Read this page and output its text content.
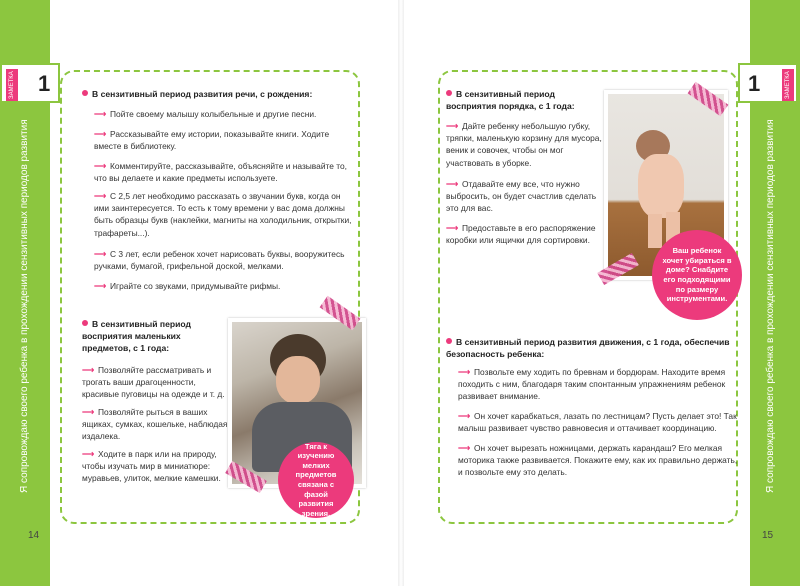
Я сопровождаю своего ребенка в прохождении сензитивных периодов развития
14
ЗАМЕТКА 1	В сензитивный период развития речи, с рождения:
⟶ Пойте своему малышу колыбельные и другие песни.
⟶ Рассказывайте ему истории, показывайте книги. Ходите вместе в библиотеку.
⟶ Комментируйте, рассказывайте, объясняйте и называйте то, что вы делаете и какие предметы используете.
⟶ С 2,5 лет необходимо рассказать о звучании букв, когда он ими заинтересуется. То есть к тому времени у вас дома должны быть образцы букв (наклейки, магниты на холодильник, открытки, трафареты...).
⟶ С 3 лет, если ребенок хочет нарисовать буквы, вооружитесь ручками, бумагой, грифельной доской, мелками.
⟶ Играйте со звуками, придумывайте рифмы.
В сензитивный период восприятия маленьких предметов, с 1 года:
⟶ Позволяйте рассматривать и трогать ваши драгоценности, красивые пуговицы на одежде и т. д.
⟶ Позволяйте рыться в ваших ящиках, сумках, кошельке, наблюдая издалека.
⟶ Ходите в парк или на природу, чтобы изучать мир в миниатюре: муравьев, улиток, мелкие камешки.
Тяга к изучению мелких предметов связана с фазой развития зрения.
Я сопровождаю своего ребенка в прохождении сензитивных периодов развития
15
1	ЗАМЕТКА
В сензитивный период восприятия порядка, с 1 года:
⟶ Дайте ребенку небольшую губку, тряпки, маленькую корзину для мусора, веник и совочек, чтобы он мог участвовать в уборке.
⟶ Отдавайте ему все, что нужно выбросить, он будет счастлив сделать это для вас.
⟶ Предоставьте в его распоряжение коробки или ящички для сортировки.
Ваш ребенок хочет убираться в доме? Снабдите его подходящими по размеру инструментами.
В сензитивный период развития движения, с 1 года, обеспечив безопасность ребенка:
⟶ Позвольте ему ходить по бревнам и бордюрам. Находите время походить с ним, благодаря таким спонтанным упражнениям ребенок развивает внимание.
⟶ Он хочет карабкаться, лазать по лестницам? Пусть делает это! Так малыш развивает чувство равновесия и оттачивает координацию.
⟶ Он хочет вырезать ножницами, держать карандаш? Его мелкая моторика также развивается. Покажите ему, как их правильно держать, и позвольте ему это делать.
